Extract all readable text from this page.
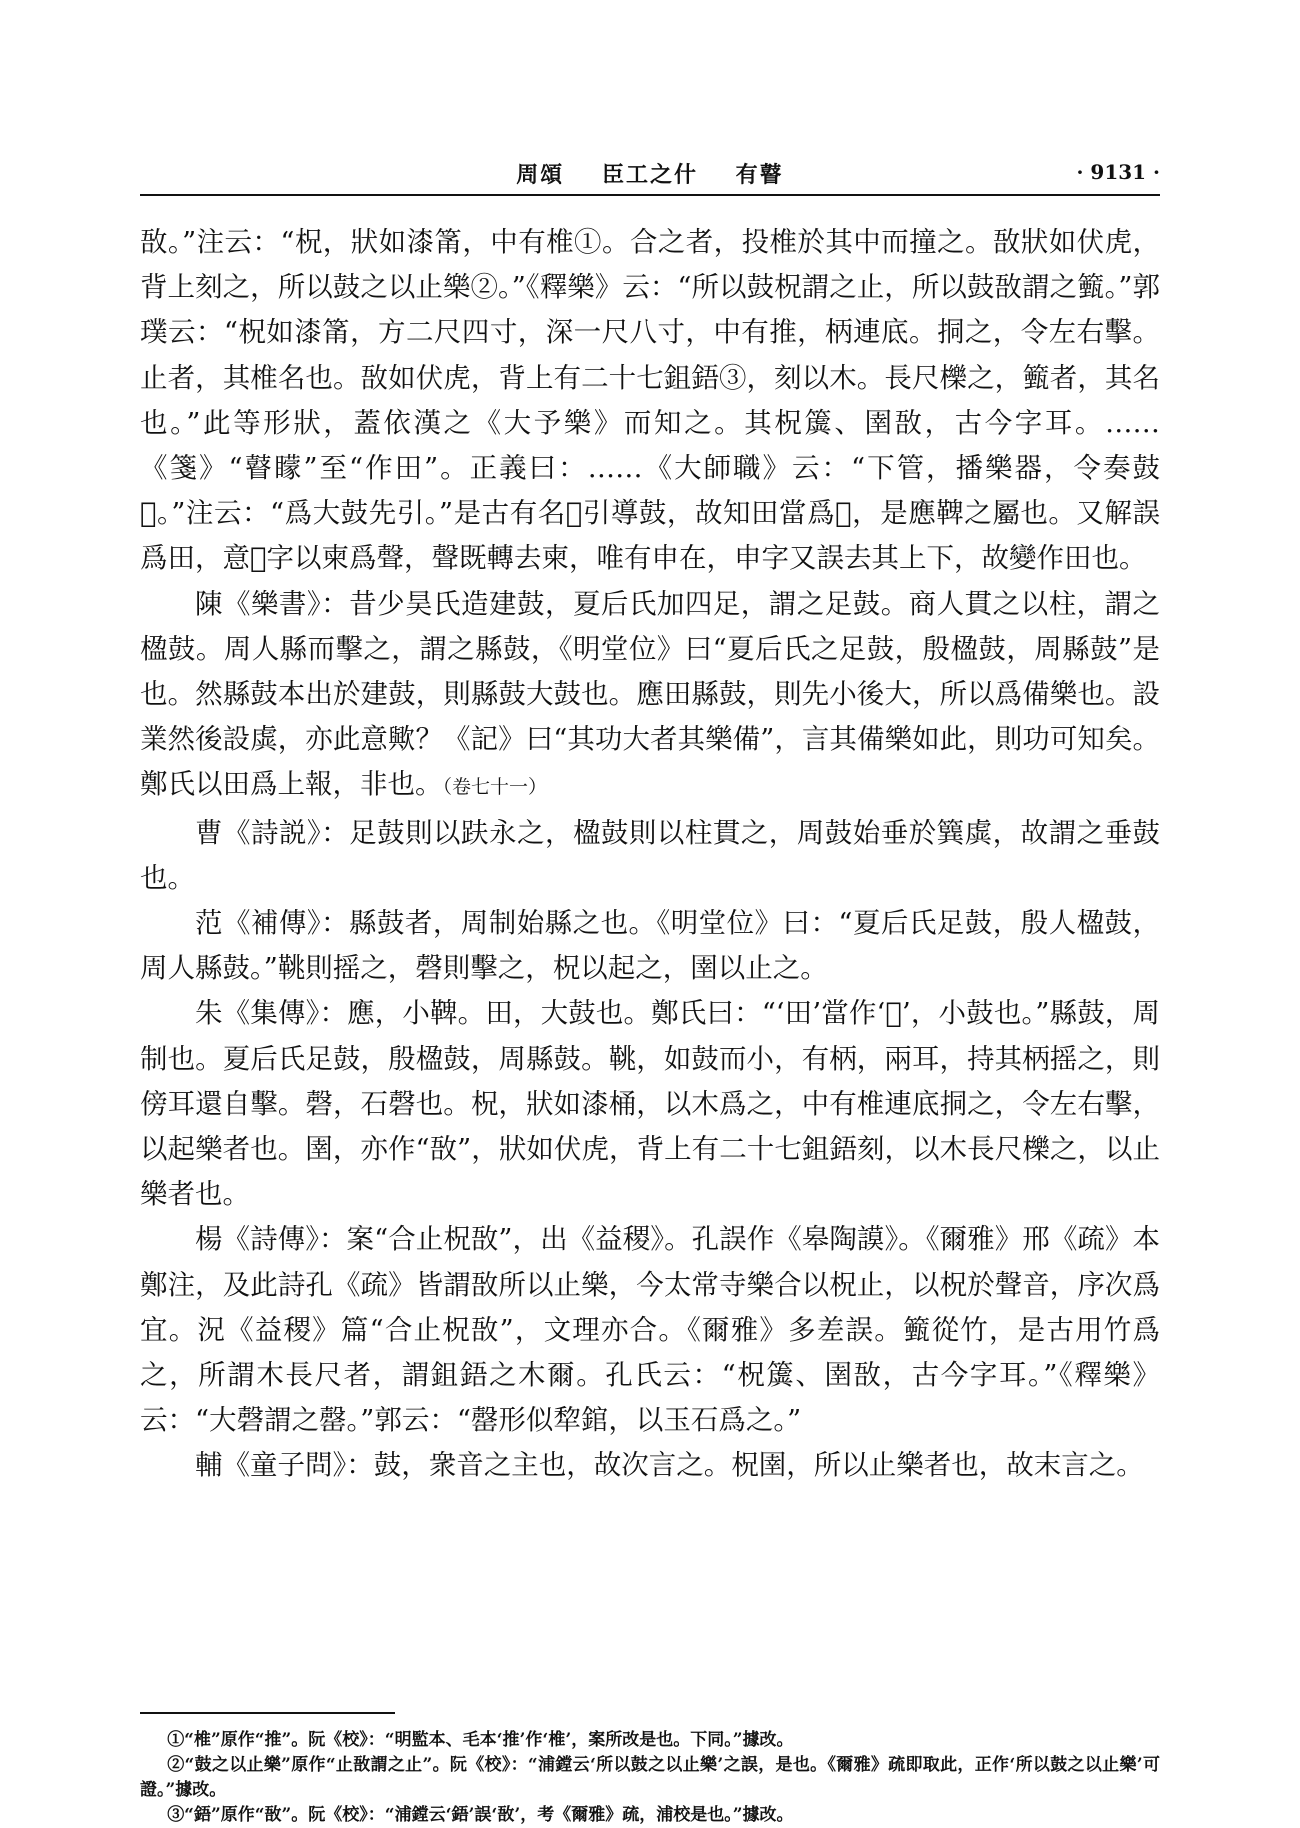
周頌 臣工之什 有瞽	· 9131 ·

敔。”注云：“柷，狀如漆筩，中有椎①。合之者，投椎於其中而撞之。敔狀如伏虎，背上刻之，所以鼓之以止樂②。”《釋樂》云：“所以鼓柷謂之止，所以鼓敔謂之籈。”郭璞云：“柷如漆筩，方二尺四寸，深一尺八寸，中有推，柄連底。挏之，令左右擊。止者，其椎名也。敔如伏虎，背上有二十七鉏鋙③，刻以木。長尺櫟之，籈者，其名也。”此等形狀，蓋依漢之《大予樂》而知之。其柷簴、圉敔，古今字耳。……《箋》“瞽矇”至“作田”。正義曰：……《大師職》云：“下管，播樂器，令奏鼓𣞤。”注云：“爲大鼓先引。”是古有名𣞤引導鼓，故知田當爲𣞤，是應鞞之屬也。又解誤爲田，意𣞤字以柬爲聲，聲既轉去柬，唯有申在，申字又誤去其上下，故變作田也。

陳《樂書》：昔少昊氏造建鼓，夏后氏加四足，謂之足鼓。商人貫之以柱，謂之楹鼓。周人縣而擊之，謂之縣鼓，《明堂位》曰“夏后氏之足鼓，殷楹鼓，周縣鼓”是也。然縣鼓本出於建鼓，則縣鼓大鼓也。應田縣鼓，則先小後大，所以爲備樂也。設業然後設虡，亦此意歟？《記》曰“其功大者其樂備”，言其備樂如此，則功可知矣。鄭氏以田爲上報，非也。（卷七十一）

曹《詩説》：足鼓則以趺永之，楹鼓則以柱貫之，周鼓始垂於簨虡，故謂之垂鼓也。

范《補傳》：縣鼓者，周制始縣之也。《明堂位》曰：“夏后氏足鼓，殷人楹鼓，周人縣鼓。”鞉則摇之，磬則擊之，柷以起之，圉以止之。

朱《集傳》：應，小鞞。田，大鼓也。鄭氏曰：“‘田’當作‘𣞤’，小鼓也。”縣鼓，周制也。夏后氏足鼓，殷楹鼓，周縣鼓。鞉，如鼓而小，有柄，兩耳，持其柄摇之，則傍耳還自擊。磬，石磬也。柷，狀如漆桶，以木爲之，中有椎連底挏之，令左右擊，以起樂者也。圉，亦作“敔”，狀如伏虎，背上有二十七鉏鋙刻，以木長尺櫟之，以止樂者也。

楊《詩傳》：案“合止柷敔”，出《益稷》。孔誤作《皋陶謨》。《爾雅》邢《疏》本鄭注，及此詩孔《疏》皆謂敔所以止樂，今太常寺樂合以柷止，以柷於聲音，序次爲宜。況《益稷》篇“合止柷敔”，文理亦合。《爾雅》多差誤。籈從竹，是古用竹爲之，所謂木長尺者，謂鉏鋙之木爾。孔氏云：“柷簴、圉敔，古今字耳。”《釋樂》云：“大磬謂之罄。”郭云：“罄形似犂錧，以玉石爲之。”

輔《童子問》：鼓，衆音之主也，故次言之。柷圉，所以止樂者也，故末言之。

①“椎”原作“推”。阮《校》：“明監本、毛本‘推’作‘椎’，案所改是也。下同。”據改。

②“鼓之以止樂”原作“止敔謂之止”。阮《校》：“浦鏜云‘所以鼓之以止樂’之誤，是也。《爾雅》疏即取此，正作‘所以鼓之以止樂’可證。”據改。

③“鋙”原作“敔”。阮《校》：“浦鏜云‘鋙’誤‘敔’，考《爾雅》疏，浦校是也。”據改。
